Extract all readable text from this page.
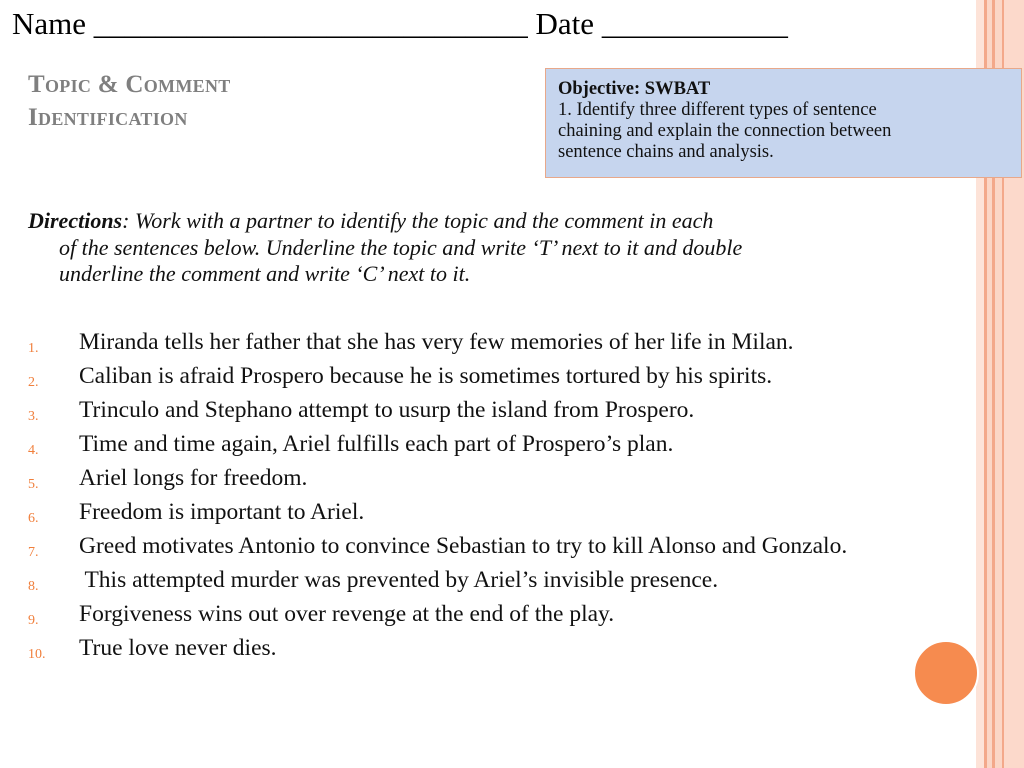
Name ____________________________ Date ____________
Topic & Comment
Identification
Objective: SWBAT
1. Identify three different types of sentence
chaining and explain the connection between
sentence chains and analysis.
Directions: Work with a partner to identify the topic and the comment in each
of the sentences below. Underline the topic and write ‘T’ next to it and double
underline the comment and write ‘C’ next to it.
1. Miranda tells her father that she has very few memories of her life in Milan.
2. Caliban is afraid Prospero because he is sometimes tortured by his spirits.
3. Trinculo and Stephano attempt to usurp the island from Prospero.
4. Time and time again, Ariel fulfills each part of Prospero’s plan.
5. Ariel longs for freedom.
6. Freedom is important to Ariel.
7. Greed motivates Antonio to convince Sebastian to try to kill Alonso and Gonzalo.
8. This attempted murder was prevented by Ariel’s invisible presence.
9. Forgiveness wins out over revenge at the end of the play.
10. True love never dies.
